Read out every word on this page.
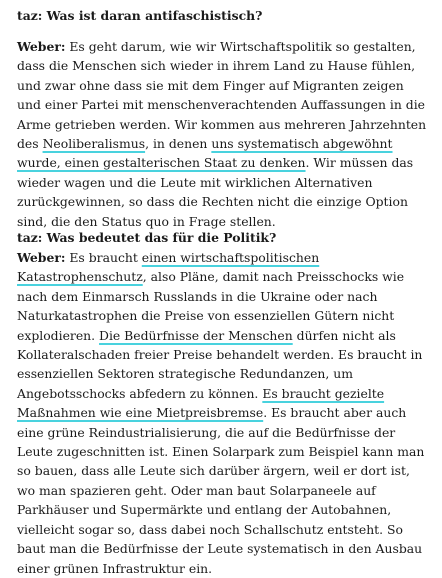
taz: Was ist daran antifaschistisch?

Weber: Es geht darum, wie wir Wirtschaftspolitik so gestalten, dass die Menschen sich wieder in ihrem Land zu Hause fühlen, und zwar ohne dass sie mit dem Finger auf Migranten zeigen und einer Partei mit menschenverachtenden Auffassungen in die Arme getrieben werden. Wir kommen aus mehreren Jahrzehnten des Neoliberalismus, in denen uns systematisch abgewöhnt wurde, einen gestalterischen Staat zu denken. Wir müssen das wieder wagen und die Leute mit wirklichen Alternativen zurückgewinnen, so dass die Rechten nicht die einzige Option sind, die den Status quo in Frage stellen.

taz: Was bedeutet das für die Politik?

Weber: Es braucht einen wirtschaftspolitischen Katastrophenschutz, also Pläne, damit nach Preisschocks wie nach dem Einmarsch Russlands in die Ukraine oder nach Naturkatastrophen die Preise von essenziellen Gütern nicht explodieren. Die Bedürfnisse der Menschen dürfen nicht als Kollateralschaden freier Preise behandelt werden. Es braucht in essenziellen Sektoren strategische Redundanzen, um Angebotsschocks abfedern zu können. Es braucht gezielte Maßnahmen wie eine Mietpreisbremse. Es braucht aber auch eine grüne Reindustrialisierung, die auf die Bedürfnisse der Leute zugeschnitten ist. Einen Solarpark zum Beispiel kann man so bauen, dass alle Leute sich darüber ärgern, weil er dort ist, wo man spazieren geht. Oder man baut Solarpaneele auf Parkhäuser und Supermärkte und entlang der Autobahnen, vielleicht sogar so, dass dabei noch Schallschutz entsteht. So baut man die Bedürfnisse der Leute systematisch in den Ausbau einer grünen Infrastruktur ein.
